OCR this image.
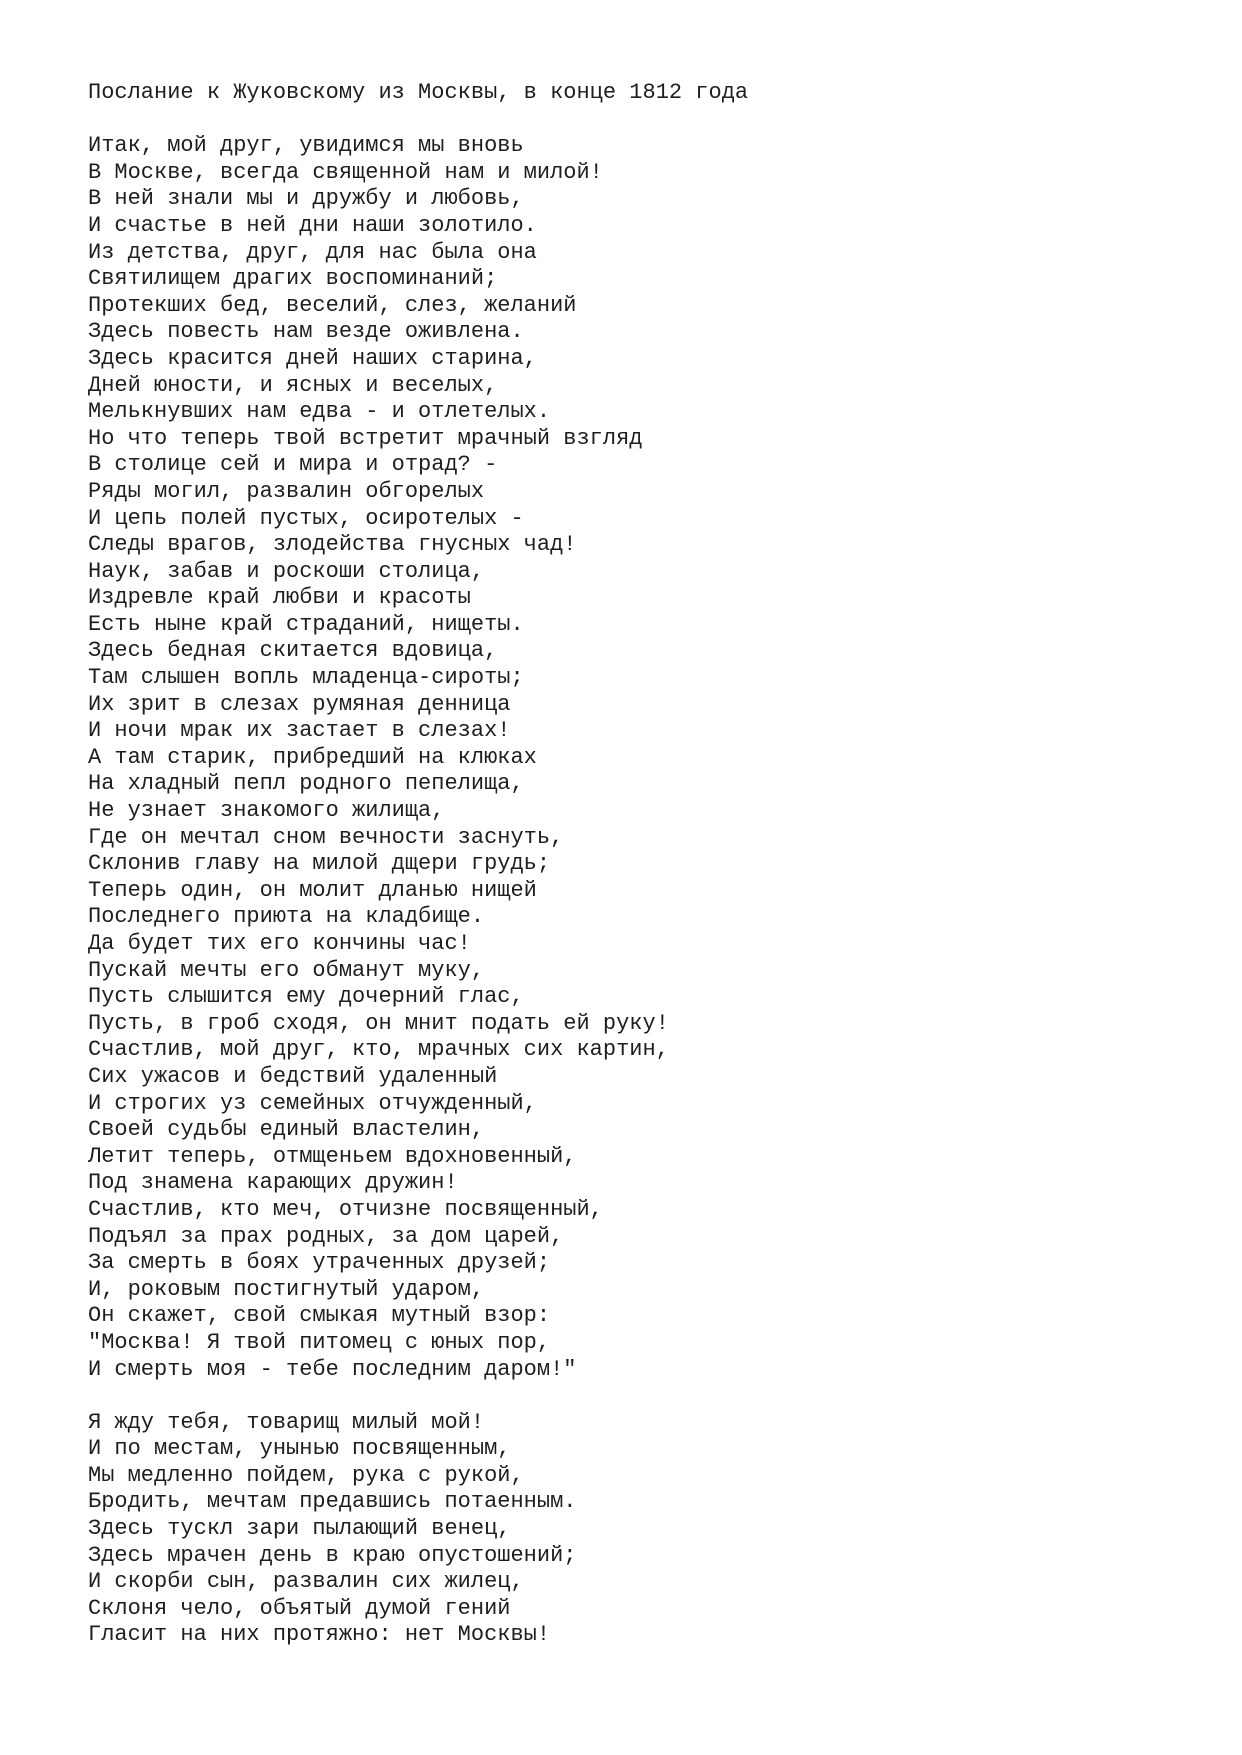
Послание к Жуковскому из Москвы, в конце 1812 года
Итак, мой друг, увидимся мы вновь
В Москве, всегда священной нам и милой!
В ней знали мы и дружбу и любовь,
И счастье в ней дни наши золотило.
Из детства, друг, для нас была она
Святилищем драгих воспоминаний;
Протекших бед, веселий, слез, желаний
Здесь повесть нам везде оживлена.
Здесь красится дней наших старина,
Дней юности, и ясных и веселых,
Мелькнувших нам едва - и отлетелых.
Но что теперь твой встретит мрачный взгляд
В столице сей и мира и отрад? -
Ряды могил, развалин обгорелых
И цепь полей пустых, осиротелых -
Следы врагов, злодейства гнусных чад!
Наук, забав и роскоши столица,
Издревле край любви и красоты
Есть ныне край страданий, нищеты.
Здесь бедная скитается вдовица,
Там слышен вопль младенца-сироты;
Их зрит в слезах румяная денница
И ночи мрак их застает в слезах!
А там старик, прибредший на клюках
На хладный пепл родного пепелища,
Не узнает знакомого жилища,
Где он мечтал сном вечности заснуть,
Склонив главу на милой дщери грудь;
Теперь один, он молит дланью нищей
Последнего приюта на кладбище.
Да будет тих его кончины час!
Пускай мечты его обманут муку,
Пусть слышится ему дочерний глас,
Пусть, в гроб сходя, он мнит подать ей руку!
Счастлив, мой друг, кто, мрачных сих картин,
Сих ужасов и бедствий удаленный
И строгих уз семейных отчужденный,
Своей судьбы единый властелин,
Летит теперь, отмщеньем вдохновенный,
Под знамена карающих дружин!
Счастлив, кто меч, отчизне посвященный,
Подъял за прах родных, за дом царей,
За смерть в боях утраченных друзей;
И, роковым постигнутый ударом,
Он скажет, свой смыкая мутный взор:
"Москва! Я твой питомец с юных пор,
И смерть моя - тебе последним даром!"
Я жду тебя, товарищ милый мой!
И по местам, унынью посвященным,
Мы медленно пойдем, рука с рукой,
Бродить, мечтам предавшись потаенным.
Здесь тускл зари пылающий венец,
Здесь мрачен день в краю опустошений;
И скорби сын, развалин сих жилец,
Склоня чело, объятый думой гений
Гласит на них протяжно: нет Москвы!
